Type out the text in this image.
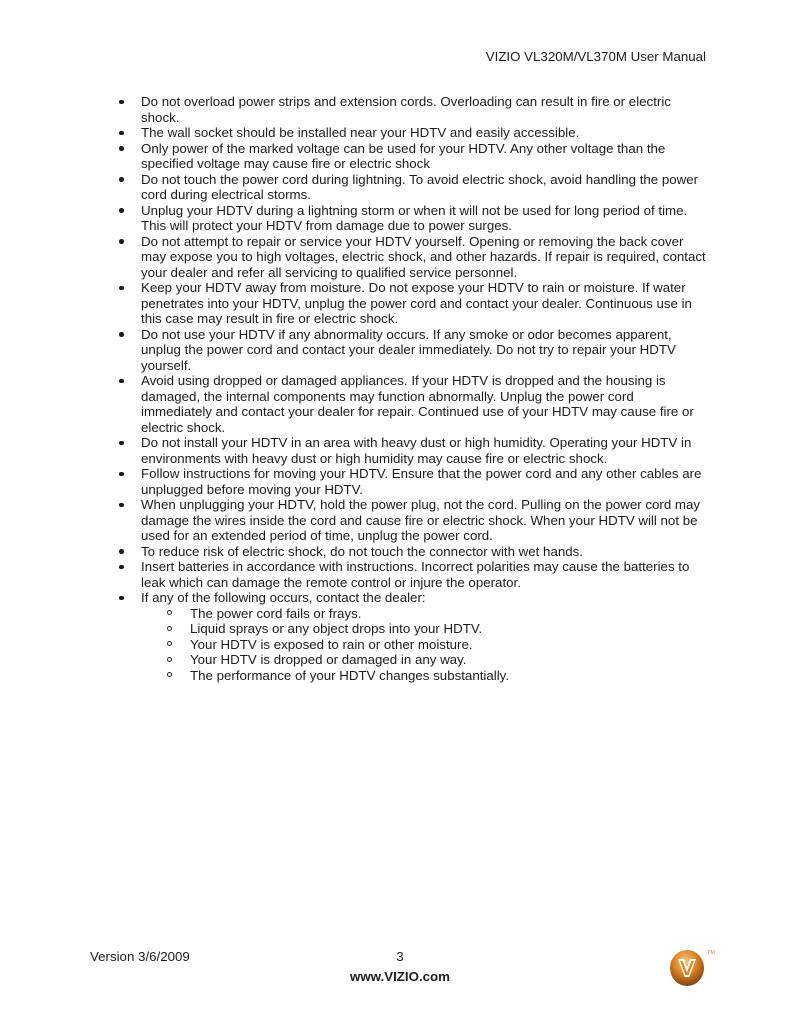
VIZIO VL320M/VL370M User Manual
Do not overload power strips and extension cords. Overloading can result in fire or electric shock.
The wall socket should be installed near your HDTV and easily accessible.
Only power of the marked voltage can be used for your HDTV. Any other voltage than the specified voltage may cause fire or electric shock
Do not touch the power cord during lightning. To avoid electric shock, avoid handling the power cord during electrical storms.
Unplug your HDTV during a lightning storm or when it will not be used for long period of time. This will protect your HDTV from damage due to power surges.
Do not attempt to repair or service your HDTV yourself. Opening or removing the back cover may expose you to high voltages, electric shock, and other hazards. If repair is required, contact your dealer and refer all servicing to qualified service personnel.
Keep your HDTV away from moisture. Do not expose your HDTV to rain or moisture. If water penetrates into your HDTV, unplug the power cord and contact your dealer. Continuous use in this case may result in fire or electric shock.
Do not use your HDTV if any abnormality occurs. If any smoke or odor becomes apparent, unplug the power cord and contact your dealer immediately. Do not try to repair your HDTV yourself.
Avoid using dropped or damaged appliances. If your HDTV is dropped and the housing is damaged, the internal components may function abnormally. Unplug the power cord immediately and contact your dealer for repair. Continued use of your HDTV may cause fire or electric shock.
Do not install your HDTV in an area with heavy dust or high humidity. Operating your HDTV in environments with heavy dust or high humidity may cause fire or electric shock.
Follow instructions for moving your HDTV. Ensure that the power cord and any other cables are unplugged before moving your HDTV.
When unplugging your HDTV, hold the power plug, not the cord. Pulling on the power cord may damage the wires inside the cord and cause fire or electric shock. When your HDTV will not be used for an extended period of time, unplug the power cord.
To reduce risk of electric shock, do not touch the connector with wet hands.
Insert batteries in accordance with instructions. Incorrect polarities may cause the batteries to leak which can damage the remote control or injure the operator.
If any of the following occurs, contact the dealer:
The power cord fails or frays.
Liquid sprays or any object drops into your HDTV.
Your HDTV is exposed to rain or other moisture.
Your HDTV is dropped or damaged in any way.
The performance of your HDTV changes substantially.
Version 3/6/2009	3
www.VIZIO.com
TM
